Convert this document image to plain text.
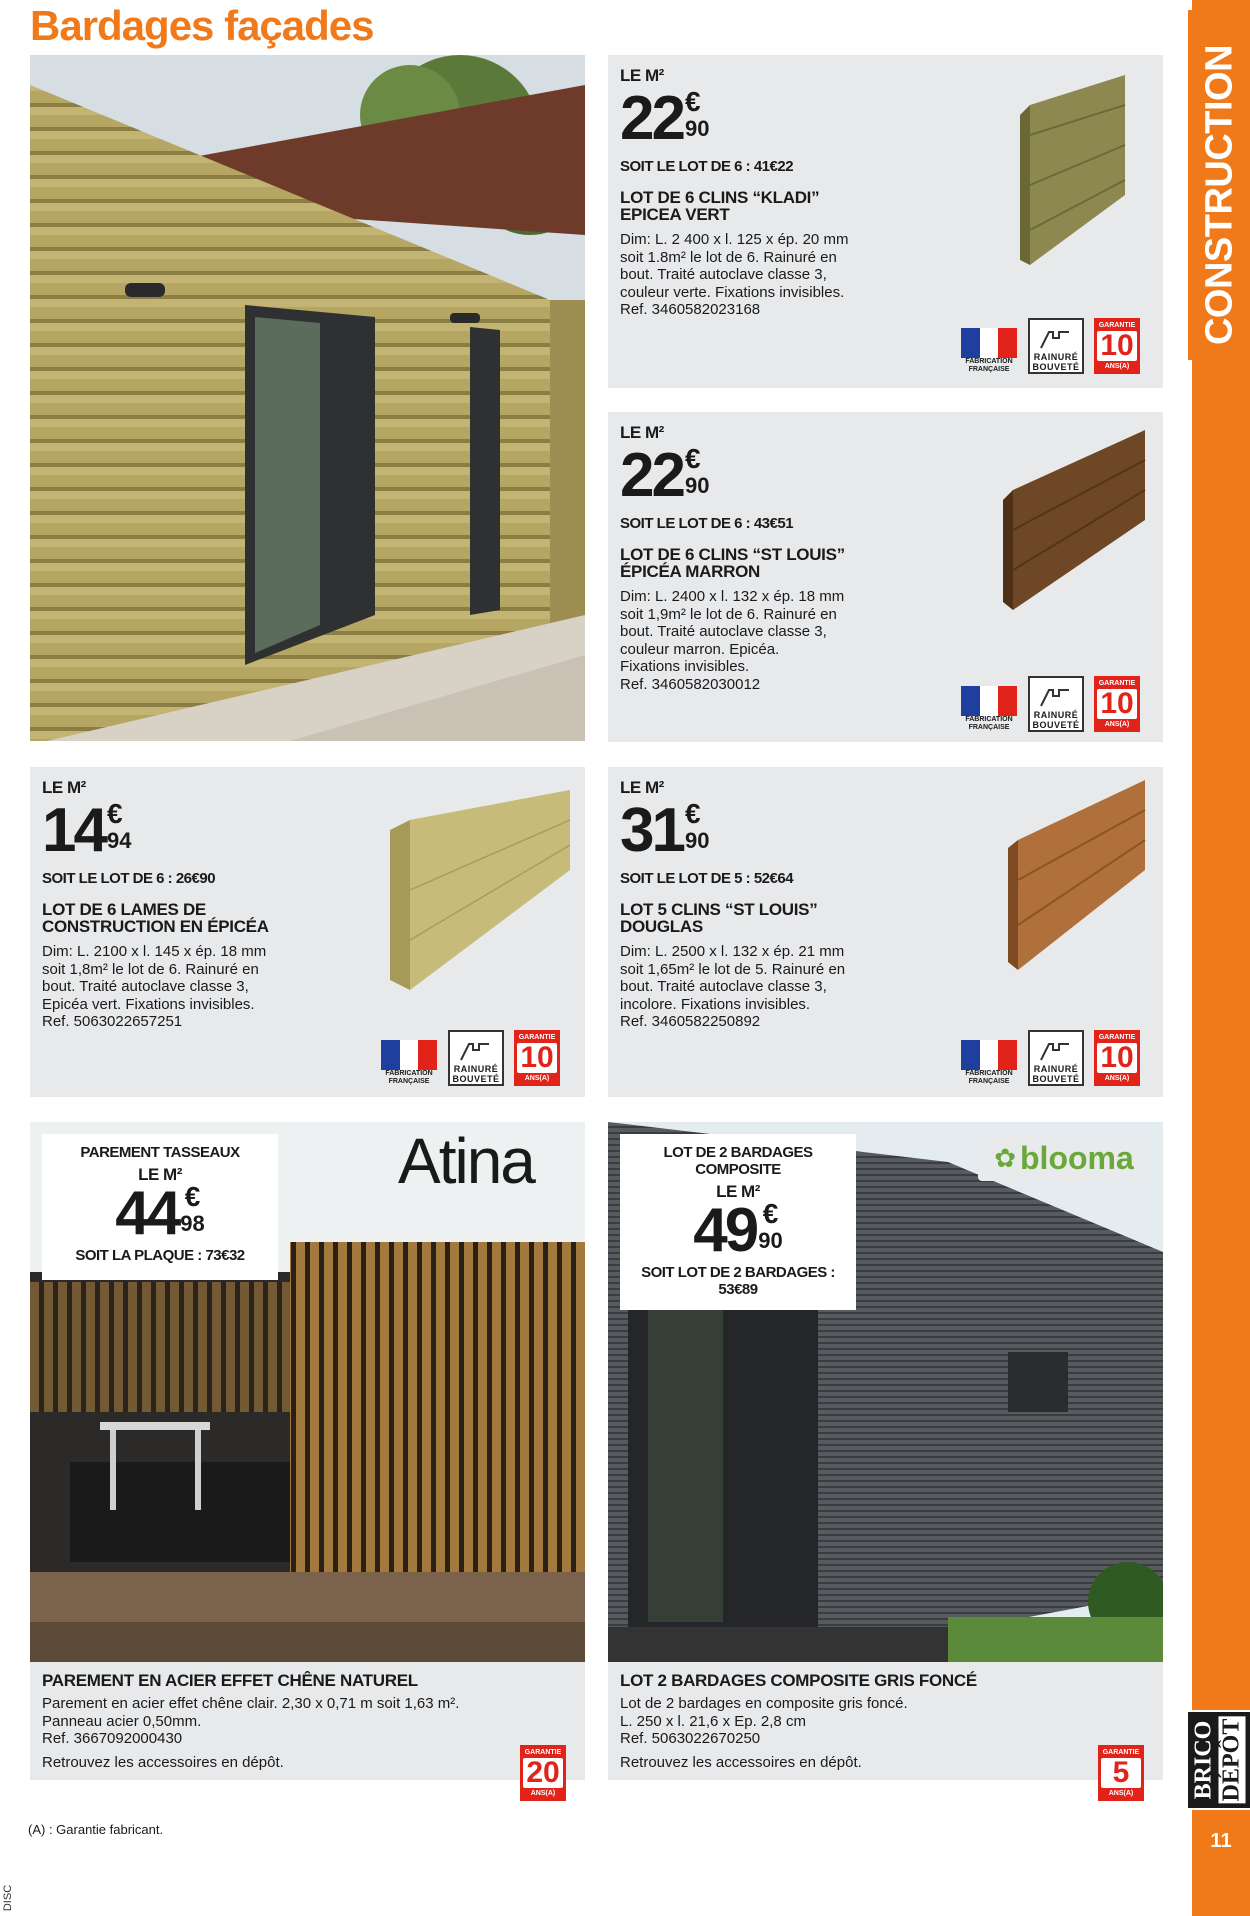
CONSTRUCTION
BRICO DÉPÔT
11
DISC
Bardages façades
LE M²
22 €
90
SOIT LE LOT DE 6 : 41€22
LOT DE 6 CLINS “KLADI”
EPICEA VERT
Dim: L. 2 400 x l. 125 x ép. 20 mm
soit 1.8m² le lot de 6. Rainuré en
bout. Traité autoclave classe 3,
couleur verte. Fixations invisibles.
Ref. 3460582023168
LE M²
22 €
90
SOIT LE LOT DE 6 : 43€51
LOT DE 6 CLINS “ST LOUIS”
ÉPICÉA MARRON
Dim: L. 2400 x l. 132 x ép. 18 mm
soit 1,9m² le lot de 6. Rainuré en
bout. Traité autoclave classe 3,
couleur marron. Epicéa.
Fixations invisibles.
Ref. 3460582030012
LE M²
14 €
94
SOIT LE LOT DE 6 : 26€90
LOT DE 6 LAMES DE
CONSTRUCTION EN ÉPICÉA
Dim: L. 2100 x l. 145 x ép. 18 mm
soit 1,8m² le lot de 6. Rainuré en
bout. Traité autoclave classe 3,
Epicéa vert. Fixations invisibles.
Ref. 5063022657251
LE M²
31 €
90
SOIT LE LOT DE 5 : 52€64
LOT 5 CLINS “ST LOUIS”
DOUGLAS
Dim: L. 2500 x l. 132 x ép. 21 mm
soit 1,65m² le lot de 5. Rainuré en
bout. Traité autoclave classe 3,
incolore. Fixations invisibles.
Ref. 3460582250892
FABRICATION
FRANÇAISE
RAINURÉ
BOUVETÉ
GARANTIE
10
ANS(A)
FABRICATION
FRANÇAISE
RAINURÉ
BOUVETÉ
GARANTIE
10
ANS(A)
FABRICATION
FRANÇAISE
RAINURÉ
BOUVETÉ
GARANTIE
10
ANS(A)
FABRICATION
FRANÇAISE
RAINURÉ
BOUVETÉ
GARANTIE
10
ANS(A)
Atina
PAREMENT TASSEAUX
LE M²
44 €
98
SOIT LA PLAQUE : 73€32
✿ blooma
LOT DE 2 BARDAGES
COMPOSITE
LE M²
49 €
90
SOIT LOT DE 2 BARDAGES :
53€89
PAREMENT EN ACIER EFFET CHÊNE NATUREL
Parement en acier effet chêne clair. 2,30 x 0,71 m soit 1,63 m².
Panneau acier 0,50mm.
Ref. 3667092000430
Retrouvez les accessoires en dépôt.
GARANTIE
20
ANS(A)
LOT 2 BARDAGES COMPOSITE GRIS FONCÉ
Lot de 2 bardages en composite gris foncé.
L. 250 x l. 21,6 x Ep. 2,8 cm
Ref. 5063022670250
Retrouvez les accessoires en dépôt.
GARANTIE
5
ANS(A)
(A) : Garantie fabricant.
